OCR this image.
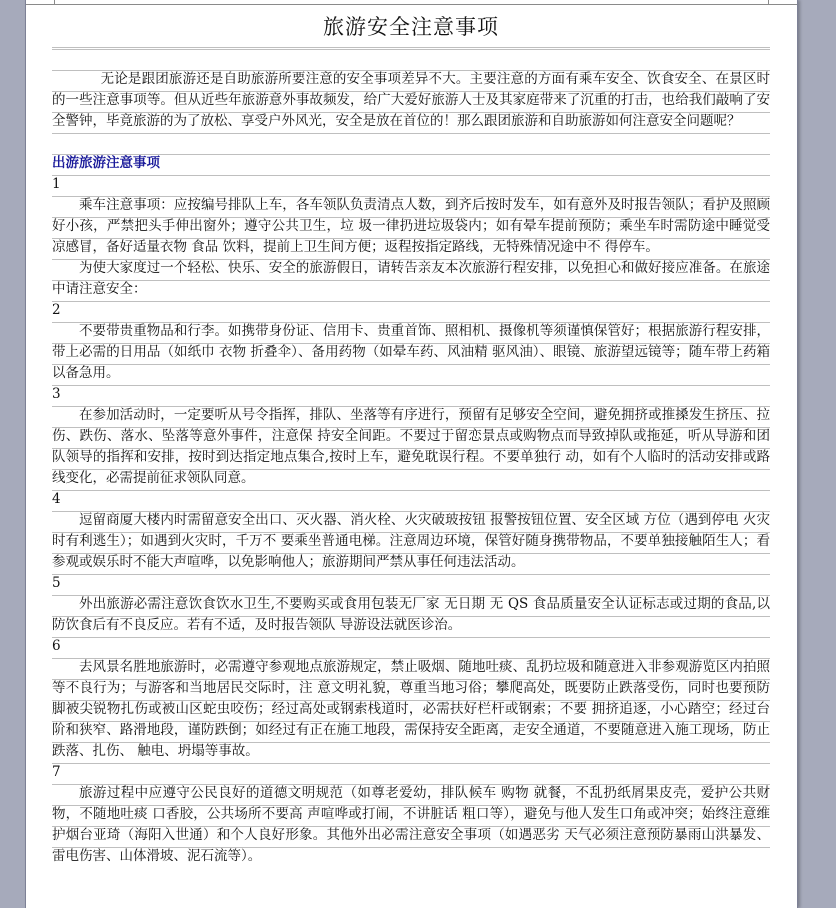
旅游安全注意事项

无论是跟团旅游还是自助旅游所要注意的安全事项差异不大。主要注意的方面有乘车安全、饮食安全、在景区时的一些注意事项等。但从近些年旅游意外事故频发，给广大爱好旅游人士及其家庭带来了沉重的打击，也给我们敲响了安全警钟，毕竟旅游的为了放松、享受户外风光，安全是放在首位的！那么跟团旅游和自助旅游如何注意安全问题呢？

出游旅游注意事项
1

乘车注意事项：应按编号排队上车，各车领队负责清点人数，到齐后按时发车，如有意外及时报告领队；看护及照顾好小孩，严禁把头手伸出窗外；遵守公共卫生，垃 圾一律扔进垃圾袋内；如有晕车提前预防；乘坐车时需防途中睡觉受凉感冒，备好适量衣物 食品 饮料，提前上卫生间方便；返程按指定路线，无特殊情况途中不 得停车。

为使大家度过一个轻松、快乐、安全的旅游假日，请转告亲友本次旅游行程安排，以免担心和做好接应准备。在旅途中请注意安全：

2

不要带贵重物品和行李。如携带身份证、信用卡、贵重首饰、照相机、摄像机等须谨慎保管好；根据旅游行程安排，带上必需的日用品（如纸巾 衣物 折叠伞）、备用药物（如晕车药、风油精 驱风油）、眼镜、旅游望远镜等；随车带上药箱以备急用。

3

在参加活动时，一定要听从号令指挥，排队、坐落等有序进行，预留有足够安全空间，避免拥挤或推搡发生挤压、拉伤、跌伤、落水、坠落等意外事件，注意保 持安全间距。不要过于留恋景点或购物点而导致掉队或拖延，听从导游和团队领导的指挥和安排，按时到达指定地点集合,按时上车，避免耽误行程。不要单独行 动，如有个人临时的活动安排或路线变化，必需提前征求领队同意。

4

逗留商厦大楼内时需留意安全出口、灭火器、消火栓、火灾破玻按钮 报警按钮位置、安全区域 方位（遇到停电 火灾时有利逃生）；如遇到火灾时，千万不 要乘坐普通电梯。注意周边环境，保管好随身携带物品，不要单独接触陌生人；看参观或娱乐时不能大声喧哗，以免影响他人；旅游期间严禁从事任何违法活动。

5

外出旅游必需注意饮食饮水卫生,不要购买或食用包装无厂家 无日期 无 QS 食品质量安全认证标志或过期的食品,以防饮食后有不良反应。若有不适，及时报告领队 导游设法就医诊治。

6

去风景名胜地旅游时，必需遵守参观地点旅游规定，禁止吸烟、随地吐痰、乱扔垃圾和随意进入非参观游览区内拍照等不良行为；与游客和当地居民交际时，注 意文明礼貌，尊重当地习俗；攀爬高处，既要防止跌落受伤，同时也要预防脚被尖锐物扎伤或被山区蛇虫咬伤；经过高处或钢索栈道时，必需扶好栏杆或钢索；不要 拥挤追逐，小心踏空；经过台阶和狭窄、路滑地段，谨防跌倒；如经过有正在施工地段，需保持安全距离，走安全通道，不要随意进入施工现场，防止跌落、扎伤、 触电、坍塌等事故。

7

旅游过程中应遵守公民良好的道德文明规范（如尊老爱幼，排队候车 购物 就餐，不乱扔纸屑果皮壳，爱护公共财物，不随地吐痰 口香胶，公共场所不要高 声喧哗或打闹，不讲脏话 粗口等），避免与他人发生口角或冲突；始终注意维护烟台亚琦（海阳入世通）和个人良好形象。其他外出必需注意安全事项（如遇恶劣 天气必须注意预防暴雨山洪暴发、雷电伤害、山体滑坡、泥石流等）。
